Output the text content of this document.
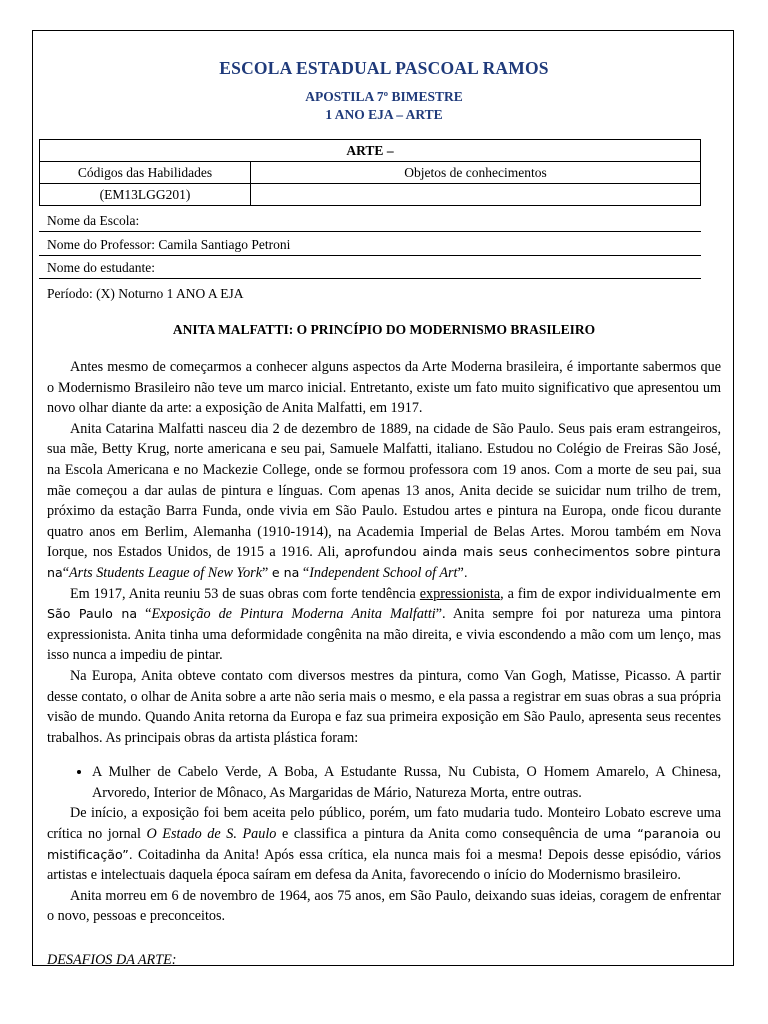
ESCOLA ESTADUAL PASCOAL RAMOS
APOSTILA 7º BIMESTRE
1 ANO EJA – ARTE
ARTE –	
Códigos das Habilidades	Objetos de conhecimentos
(EM13LGG201)	
Nome da Escola:
Nome do Professor: Camila Santiago Petroni
Nome do estudante:
Período: (X) Noturno 1 ANO A EJA
ANITA MALFATTI: O PRINCÍPIO DO MODERNISMO BRASILEIRO

Antes mesmo de começarmos a conhecer alguns aspectos da Arte Moderna brasileira, é importante sabermos que o Modernismo Brasileiro não teve um marco inicial. Entretanto, existe um fato muito significativo que apresentou um novo olhar diante da arte: a exposição de Anita Malfatti, em 1917.

Anita Catarina Malfatti nasceu dia 2 de dezembro de 1889, na cidade de São Paulo. Seus pais eram estrangeiros, sua mãe, Betty Krug, norte americana e seu pai, Samuele Malfatti, italiano. Estudou no Colégio de Freiras São José, na Escola Americana e no Mackezie College, onde se formou professora com 19 anos. Com a morte de seu pai, sua mãe começou a dar aulas de pintura e línguas. Com apenas 13 anos, Anita decide se suicidar num trilho de trem, próximo da estação Barra Funda, onde vivia em São Paulo. Estudou artes e pintura na Europa, onde ficou durante quatro anos em Berlim, Alemanha (1910-1914), na Academia Imperial de Belas Artes. Morou também em Nova Iorque, nos Estados Unidos, de 1915 a 1916. Ali, aprofundou ainda mais seus conhecimentos sobre pintura na“Arts Students League of New York” e na “Independent School of Art”.

Em 1917, Anita reuniu 53 de suas obras com forte tendência expressionista, a fim de expor individualmente em São Paulo na “Exposição de Pintura Moderna Anita Malfatti”. Anita sempre foi por natureza uma pintora expressionista. Anita tinha uma deformidade congênita na mão direita, e vivia escondendo a mão com um lenço, mas isso nunca a impediu de pintar.

Na Europa, Anita obteve contato com diversos mestres da pintura, como Van Gogh, Matisse, Picasso. A partir desse contato, o olhar de Anita sobre a arte não seria mais o mesmo, e ela passa a registrar em suas obras a sua própria visão de mundo. Quando Anita retorna da Europa e faz sua primeira exposição em São Paulo, apresenta seus recentes trabalhos. As principais obras da artista plástica foram:

• A Mulher de Cabelo Verde, A Boba, A Estudante Russa, Nu Cubista, O Homem Amarelo, A Chinesa, Arvoredo, Interior de Mônaco, As Margaridas de Mário, Natureza Morta, entre outras.

De início, a exposição foi bem aceita pelo público, porém, um fato mudaria tudo. Monteiro Lobato escreve uma crítica no jornal O Estado de S. Paulo e classifica a pintura da Anita como consequência de uma “paranoia ou mistificação”. Coitadinha da Anita! Após essa crítica, ela nunca mais foi a mesma! Depois desse episódio, vários artistas e intelectuais daquela época saíram em defesa da Anita, favorecendo o início do Modernismo brasileiro.

Anita morreu em 6 de novembro de 1964, aos 75 anos, em São Paulo, deixando suas ideias, coragem de enfrentar o novo, pessoas e preconceitos.

DESAFIOS DA ARTE:
